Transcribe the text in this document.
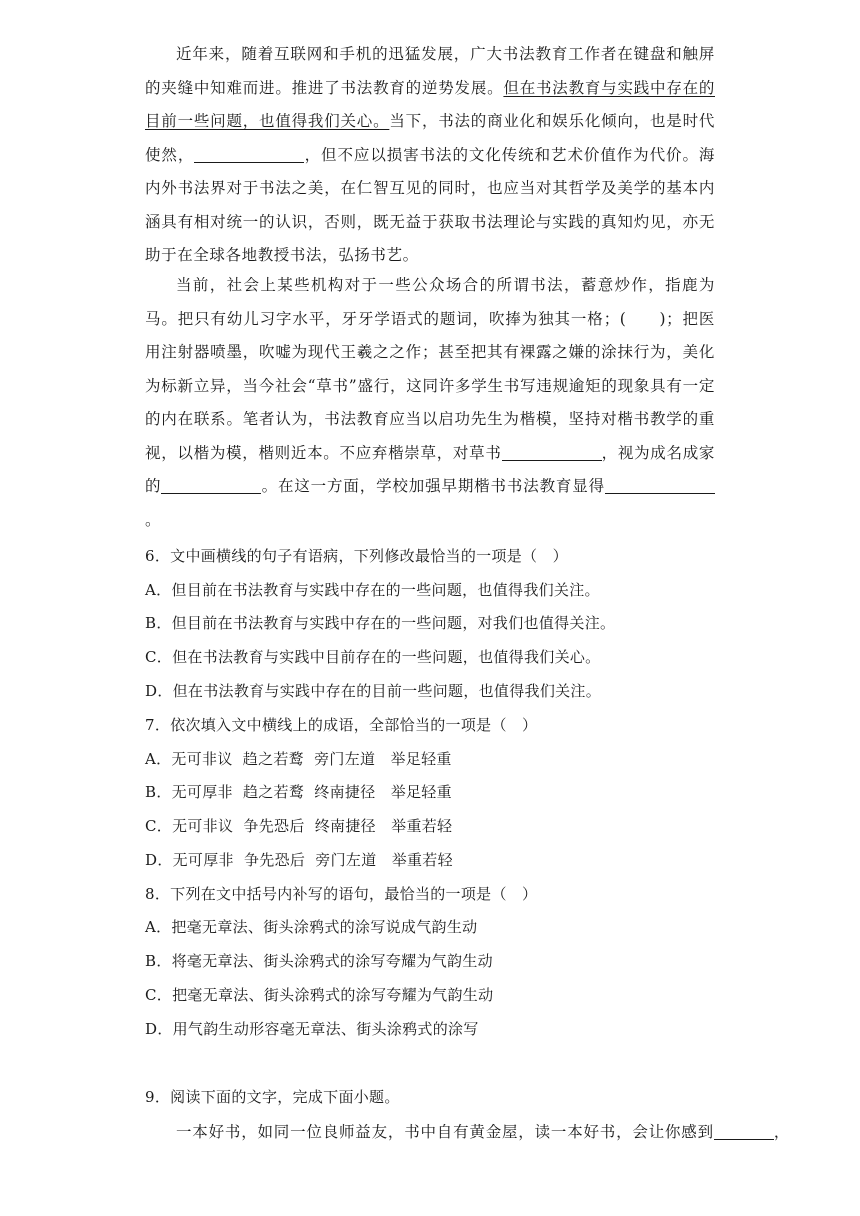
近年来，随着互联网和手机的迅猛发展，广大书法教育工作者在键盘和触屏的夹缝中知难而进。推进了书法教育的逆势发展。但在书法教育与实践中存在的目前一些问题，也值得我们关心。当下，书法的商业化和娱乐化倾向，也是时代使然，	，但不应以损害书法的文化传统和艺术价值作为代价。海内外书法界对于书法之美，在仁智互见的同时，也应当对其哲学及美学的基本内涵具有相对统一的认识，否则，既无益于获取书法理论与实践的真知灼见，亦无助于在全球各地教授书法，弘扬书艺。

当前，社会上某些机构对于一些公众场合的所谓书法，蓄意炒作，指鹿为马。把只有幼儿习字水平，牙牙学语式的题词，吹捧为独其一格；(　　)；把医用注射器喷墨，吹嘘为现代王羲之之作；甚至把其有裸露之嫌的涂抹行为，美化为标新立异，当今社会“草书”盛行，这同许多学生书写违规逾矩的现象具有一定的内在联系。笔者认为，书法教育应当以启功先生为楷模，坚持对楷书教学的重视，以楷为模，楷则近本。不应弃楷崇草，对草书	，视为成名成家的	。在这一方面，学校加强早期楷书书法教育显得。

6．文中画横线的句子有语病，下列修改最恰当的一项是（　）
A．但目前在书法教育与实践中存在的一些问题，也值得我们关注。
B．但目前在书法教育与实践中存在的一些问题，对我们也值得关注。
C．但在书法教育与实践中目前存在的一些问题，也值得我们关心。
D．但在书法教育与实践中存在的目前一些问题，也值得我们关注。
7．依次填入文中横线上的成语，全部恰当的一项是（　）
A．无可非议  趋之若鹜  旁门左道   举足轻重
B．无可厚非  趋之若鹜  终南捷径   举足轻重
C．无可非议  争先恐后  终南捷径   举重若轻
D．无可厚非  争先恐后  旁门左道   举重若轻
8．下列在文中括号内补写的语句，最恰当的一项是（　）
A．把毫无章法、街头涂鸦式的涂写说成气韵生动
B．将毫无章法、街头涂鸦式的涂写夸耀为气韵生动
C．把毫无章法、街头涂鸦式的涂写夸耀为气韵生动
D．用气韵生动形容毫无章法、街头涂鸦式的涂写
9．阅读下面的文字，完成下面小题。
一本好书，如同一位良师益友，书中自有黄金屋，读一本好书，会让你感到	，
